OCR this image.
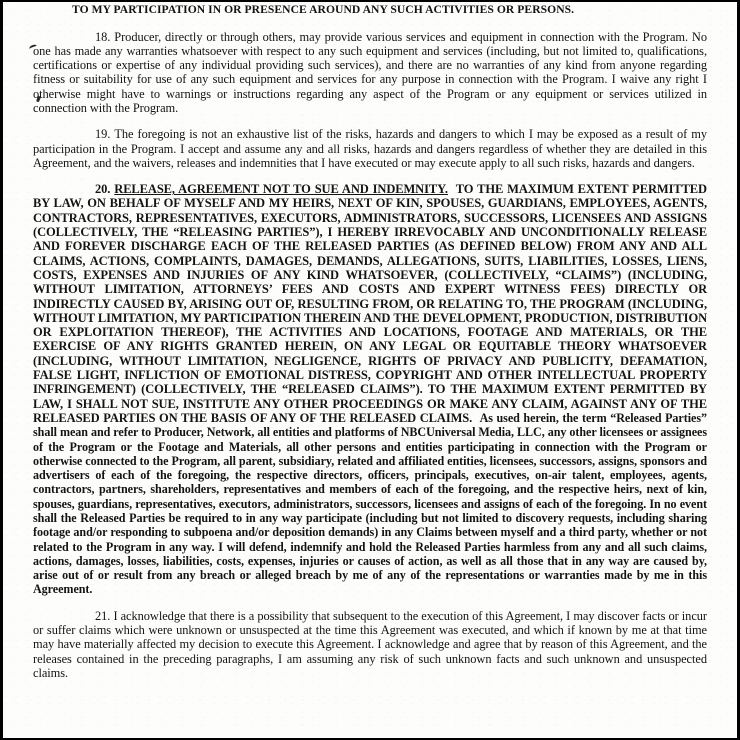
TO MY PARTICIPATION IN OR PRESENCE AROUND ANY SUCH ACTIVITIES OR PERSONS.

18. Producer, directly or through others, may provide various services and equipment in connection with the Program. No one has made any warranties whatsoever with respect to any such equipment and services (including, but not limited to, qualifications, certifications or expertise of any individual providing such services), and there are no warranties of any kind from anyone regarding fitness or suitability for use of any such equipment and services for any purpose in connection with the Program. I waive any right I otherwise might have to warnings or instructions regarding any aspect of the Program or any equipment or services utilized in connection with the Program.

19. The foregoing is not an exhaustive list of the risks, hazards and dangers to which I may be exposed as a result of my participation in the Program. I accept and assume any and all risks, hazards and dangers regardless of whether they are detailed in this Agreement, and the waivers, releases and indemnities that I have executed or may execute apply to all such risks, hazards and dangers.

20. RELEASE, AGREEMENT NOT TO SUE AND INDEMNITY. TO THE MAXIMUM EXTENT PERMITTED BY LAW, ON BEHALF OF MYSELF AND MY HEIRS, NEXT OF KIN, SPOUSES, GUARDIANS, EMPLOYEES, AGENTS, CONTRACTORS, REPRESENTATIVES, EXECUTORS, ADMINISTRATORS, SUCCESSORS, LICENSEES AND ASSIGNS (COLLECTIVELY, THE “RELEASING PARTIES”), I HEREBY IRREVOCABLY AND UNCONDITIONALLY RELEASE AND FOREVER DISCHARGE EACH OF THE RELEASED PARTIES (AS DEFINED BELOW) FROM ANY AND ALL CLAIMS, ACTIONS, COMPLAINTS, DAMAGES, DEMANDS, ALLEGATIONS, SUITS, LIABILITIES, LOSSES, LIENS, COSTS, EXPENSES AND INJURIES OF ANY KIND WHATSOEVER, (COLLECTIVELY, “CLAIMS”) (INCLUDING, WITHOUT LIMITATION, ATTORNEYS’ FEES AND COSTS AND EXPERT WITNESS FEES) DIRECTLY OR INDIRECTLY CAUSED BY, ARISING OUT OF, RESULTING FROM, OR RELATING TO, THE PROGRAM (INCLUDING, WITHOUT LIMITATION, MY PARTICIPATION THEREIN AND THE DEVELOPMENT, PRODUCTION, DISTRIBUTION OR EXPLOITATION THEREOF), THE ACTIVITIES AND LOCATIONS, FOOTAGE AND MATERIALS, OR THE EXERCISE OF ANY RIGHTS GRANTED HEREIN, ON ANY LEGAL OR EQUITABLE THEORY WHATSOEVER (INCLUDING, WITHOUT LIMITATION, NEGLIGENCE, RIGHTS OF PRIVACY AND PUBLICITY, DEFAMATION, FALSE LIGHT, INFLICTION OF EMOTIONAL DISTRESS, COPYRIGHT AND OTHER INTELLECTUAL PROPERTY INFRINGEMENT) (COLLECTIVELY, THE “RELEASED CLAIMS”). TO THE MAXIMUM EXTENT PERMITTED BY LAW, I SHALL NOT SUE, INSTITUTE ANY OTHER PROCEEDINGS OR MAKE ANY CLAIM, AGAINST ANY OF THE RELEASED PARTIES ON THE BASIS OF ANY OF THE RELEASED CLAIMS. As used herein, the term “Released Parties” shall mean and refer to Producer, Network, all entities and platforms of NBCUniversal Media, LLC, any other licensees or assignees of the Program or the Footage and Materials, all other persons and entities participating in connection with the Program or otherwise connected to the Program, all parent, subsidiary, related and affiliated entities, licensees, successors, assigns, sponsors and advertisers of each of the foregoing, the respective directors, officers, principals, executives, on-air talent, employees, agents, contractors, partners, shareholders, representatives and members of each of the foregoing, and the respective heirs, next of kin, spouses, guardians, representatives, executors, administrators, successors, licensees and assigns of each of the foregoing. In no event shall the Released Parties be required to in any way participate (including but not limited to discovery requests, including sharing footage and/or responding to subpoena and/or deposition demands) in any Claims between myself and a third party, whether or not related to the Program in any way. I will defend, indemnify and hold the Released Parties harmless from any and all such claims, actions, damages, losses, liabilities, costs, expenses, injuries or causes of action, as well as all those that in any way are caused by, arise out of or result from any breach or alleged breach by me of any of the representations or warranties made by me in this Agreement.

21. I acknowledge that there is a possibility that subsequent to the execution of this Agreement, I may discover facts or incur or suffer claims which were unknown or unsuspected at the time this Agreement was executed, and which if known by me at that time may have materially affected my decision to execute this Agreement. I acknowledge and agree that by reason of this Agreement, and the releases contained in the preceding paragraphs, I am assuming any risk of such unknown facts and such unknown and unsuspected claims.
